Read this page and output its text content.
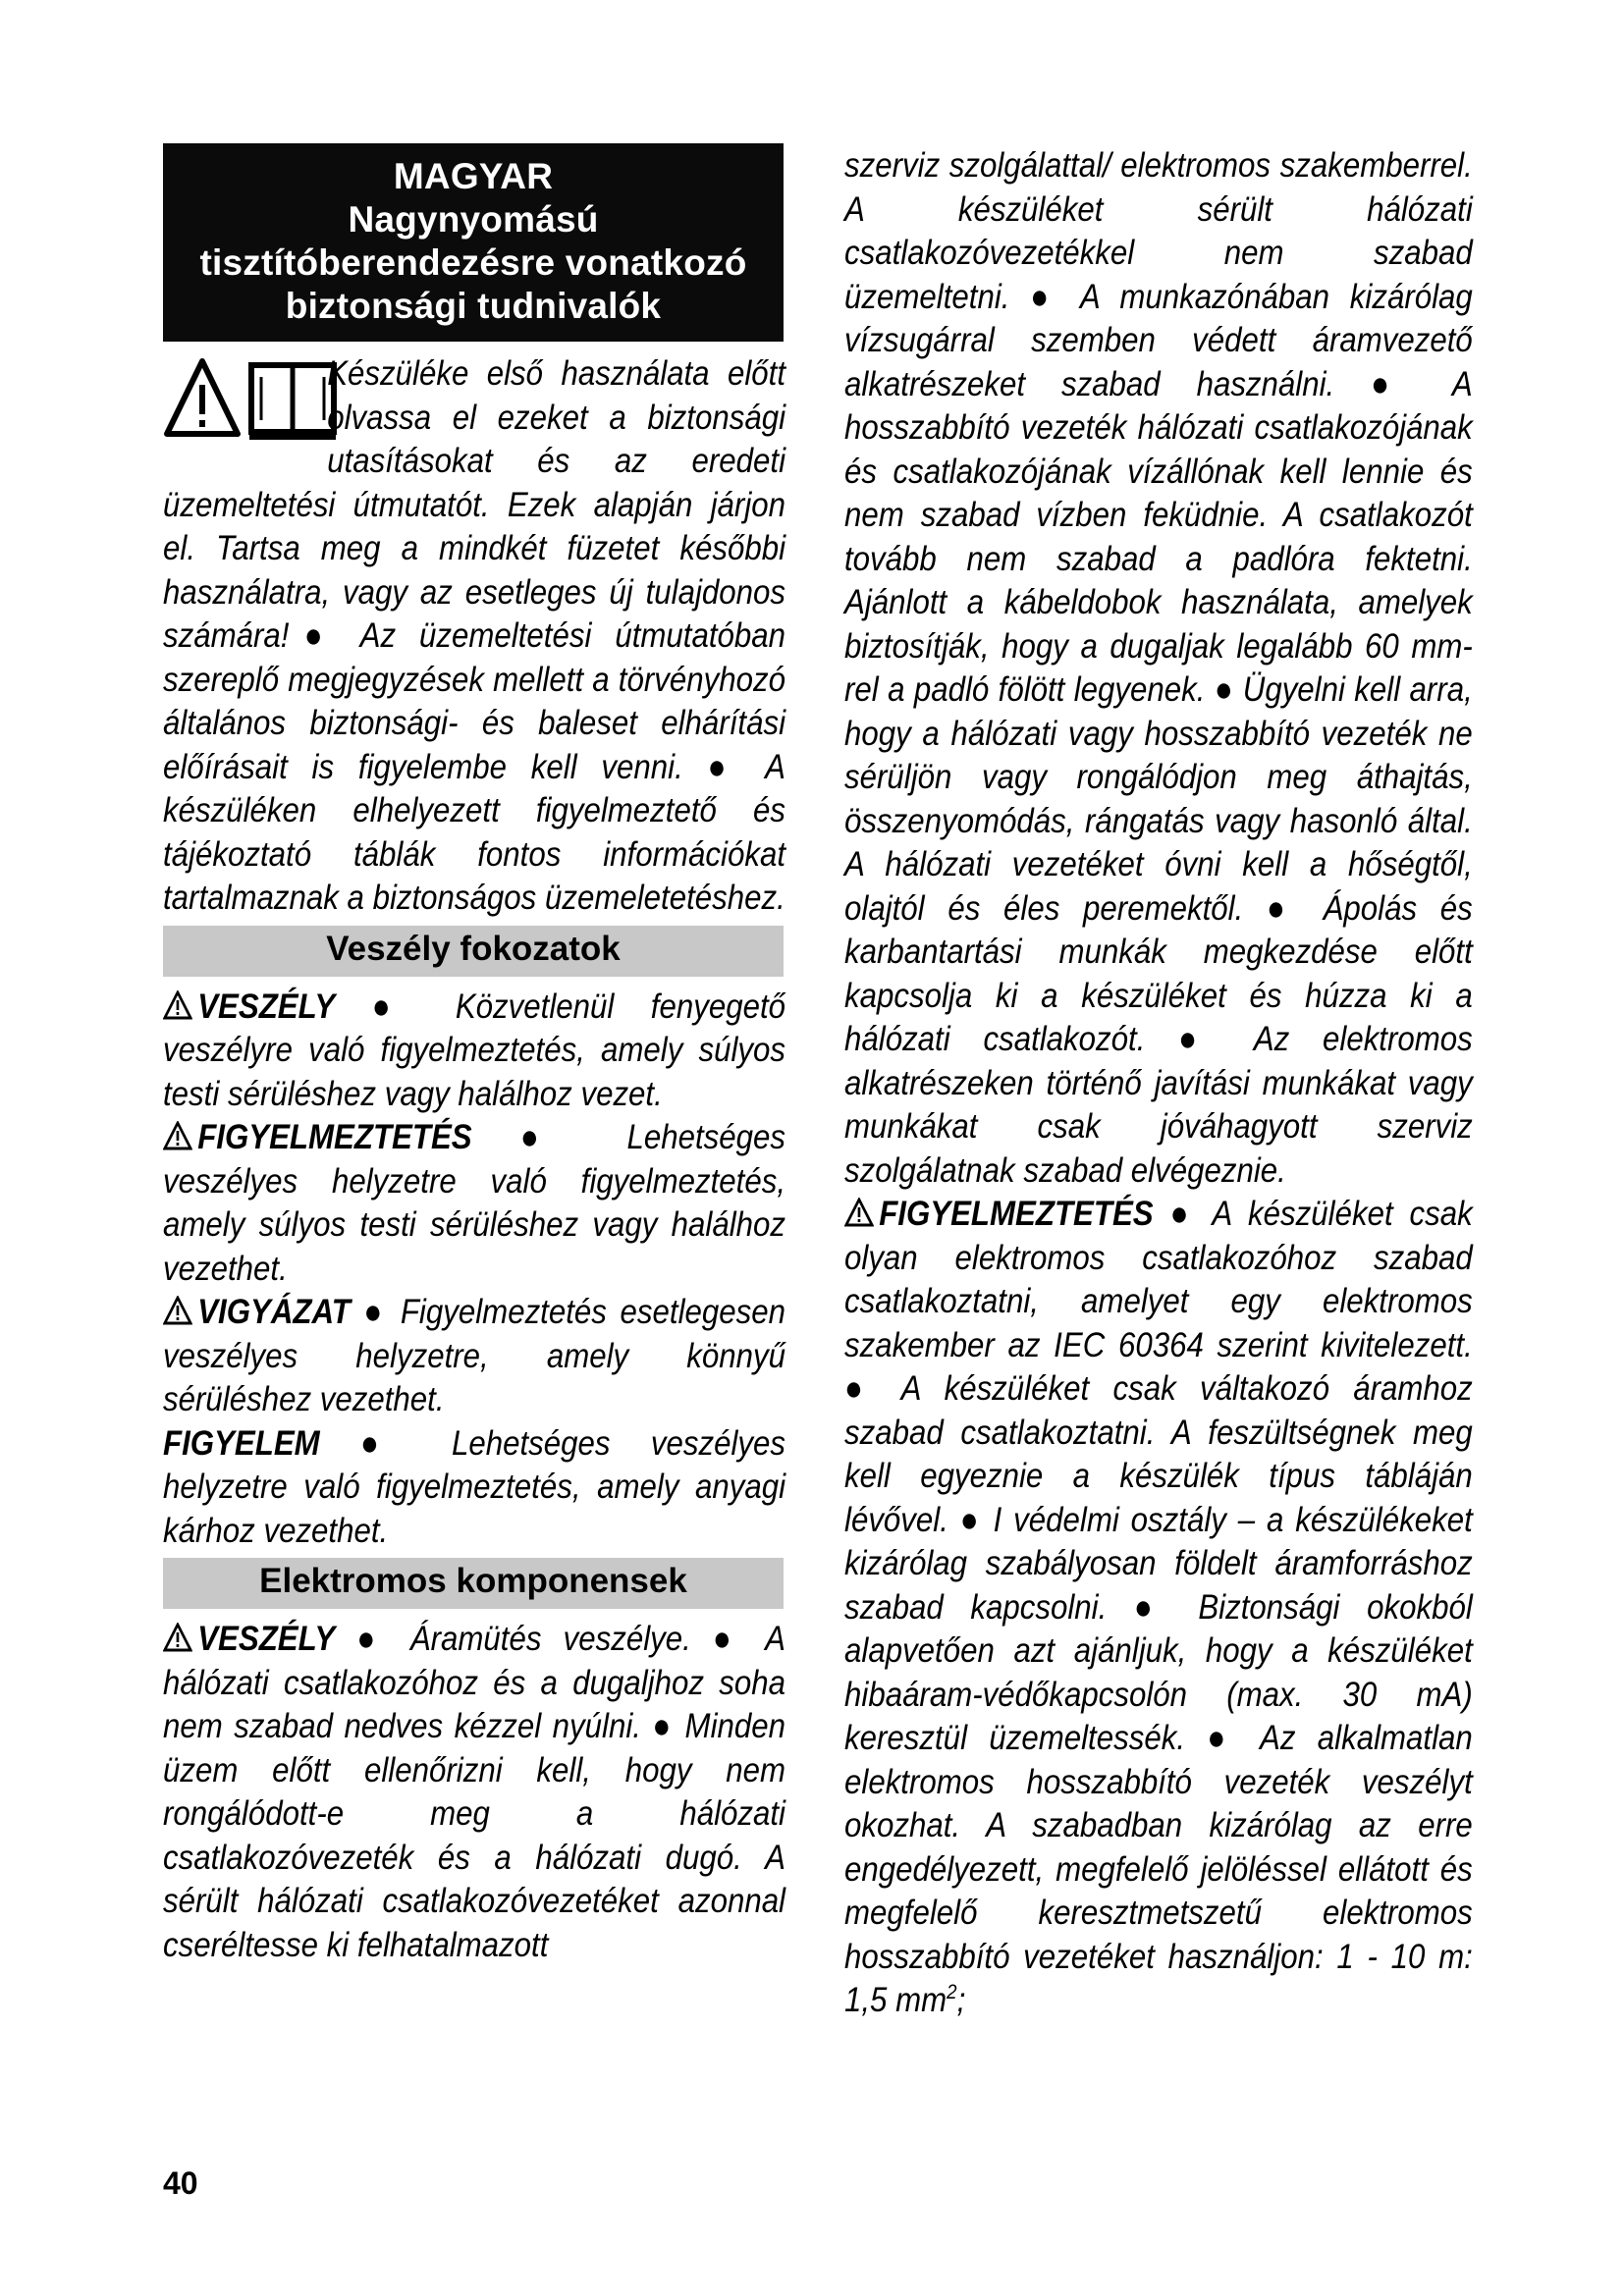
MAGYAR
Nagynyomású
tisztítóberendezésre vonatkozó
biztonsági tudnivalók

Készüléke első használata előtt olvassa el ezeket a biztonsági utasításokat és az eredeti üzemeltetési útmutatót. Ezek alapján járjon el. Tartsa meg a mindkét füzetet későbbi használatra, vagy az esetleges új tulajdonos számára!● Az üzemeltetési útmutatóban szereplő megjegyzések mellett a törvényhozó általános biztonsági- és baleset elhárítási előírásait is figyelembe kell venni. ● A készüléken elhelyezett figyelmeztető és tájékoztató táblák fontos információkat tartalmaznak a biztonságos üzemeletetéshez.

Veszély fokozatok

VESZÉLY ● Közvetlenül fenyegető veszélyre való figyelmeztetés, amely súlyos testi sérüléshez vagy halálhoz vezet.

FIGYELMEZTETÉS ● Lehetséges veszélyes helyzetre való figyelmeztetés, amely súlyos testi sérüléshez vagy halálhoz vezethet.

VIGYÁZAT ● Figyelmeztetés esetlegesen veszélyes helyzetre, amely könnyű sérüléshez vezethet.

FIGYELEM ● Lehetséges veszélyes helyzetre való figyelmeztetés, amely anyagi kárhoz vezethet.

Elektromos komponensek

VESZÉLY ● Áramütés veszélye. ● A hálózati csatlakozóhoz és a dugaljhoz soha nem szabad nedves kézzel nyúlni. ● Minden üzem előtt ellenőrizni kell, hogy nem rongálódott-e meg a hálózati csatlakozóvezeték és a hálózati dugó. A sérült hálózati csatlakozóvezetéket azonnal cseréltesse ki felhatalmazott

szerviz szolgálattal/ elektromos szakemberrel. A készüléket sérült hálózati csatlakozóvezetékkel nem szabad üzemeltetni. ● A munkazónában kizárólag vízsugárral szemben védett áramvezető alkatrészeket szabad használni. ● A hosszabbító vezeték hálózati csatlakozójának és csatlakozójának vízállónak kell lennie és nem szabad vízben feküdnie. A csatlakozót tovább nem szabad a padlóra fektetni. Ajánlott a kábeldobok használata, amelyek biztosítják, hogy a dugaljak legalább 60 mm-rel a padló fölött legyenek. ● Ügyelni kell arra, hogy a hálózati vagy hosszabbító vezeték ne sérüljön vagy rongálódjon meg áthajtás, összenyomódás, rángatás vagy hasonló által. A hálózati vezetéket óvni kell a hőségtől, olajtól és éles peremektől. ● Ápolás és karbantartási munkák megkezdése előtt kapcsolja ki a készüléket és húzza ki a hálózati csatlakozót. ● Az elektromos alkatrészeken történő javítási munkákat vagy munkákat csak jóváhagyott szerviz szolgálatnak szabad elvégeznie.

FIGYELMEZTETÉS ● A készüléket csak olyan elektromos csatlakozóhoz szabad csatlakoztatni, amelyet egy elektromos szakember az IEC 60364 szerint kivitelezett. ● A készüléket csak váltakozó áramhoz szabad csatlakoztatni. A feszültségnek meg kell egyeznie a készülék típus tábláján lévővel. ● I védelmi osztály – a készülékeket kizárólag szabályosan földelt áramforráshoz szabad kapcsolni. ● Biztonsági okokból alapvetően azt ajánljuk, hogy a készüléket hibaáram-védőkapcsolón (max. 30 mA) keresztül üzemeltessék. ● Az alkalmatlan elektromos hosszabbító vezeték veszélyt okozhat. A szabadban kizárólag az erre engedélyezett, megfelelő jelöléssel ellátott és megfelelő keresztmetszetű elektromos hosszabbító vezetéket használjon: 1 - 10 m: 1,5 $mm^2$;

40
